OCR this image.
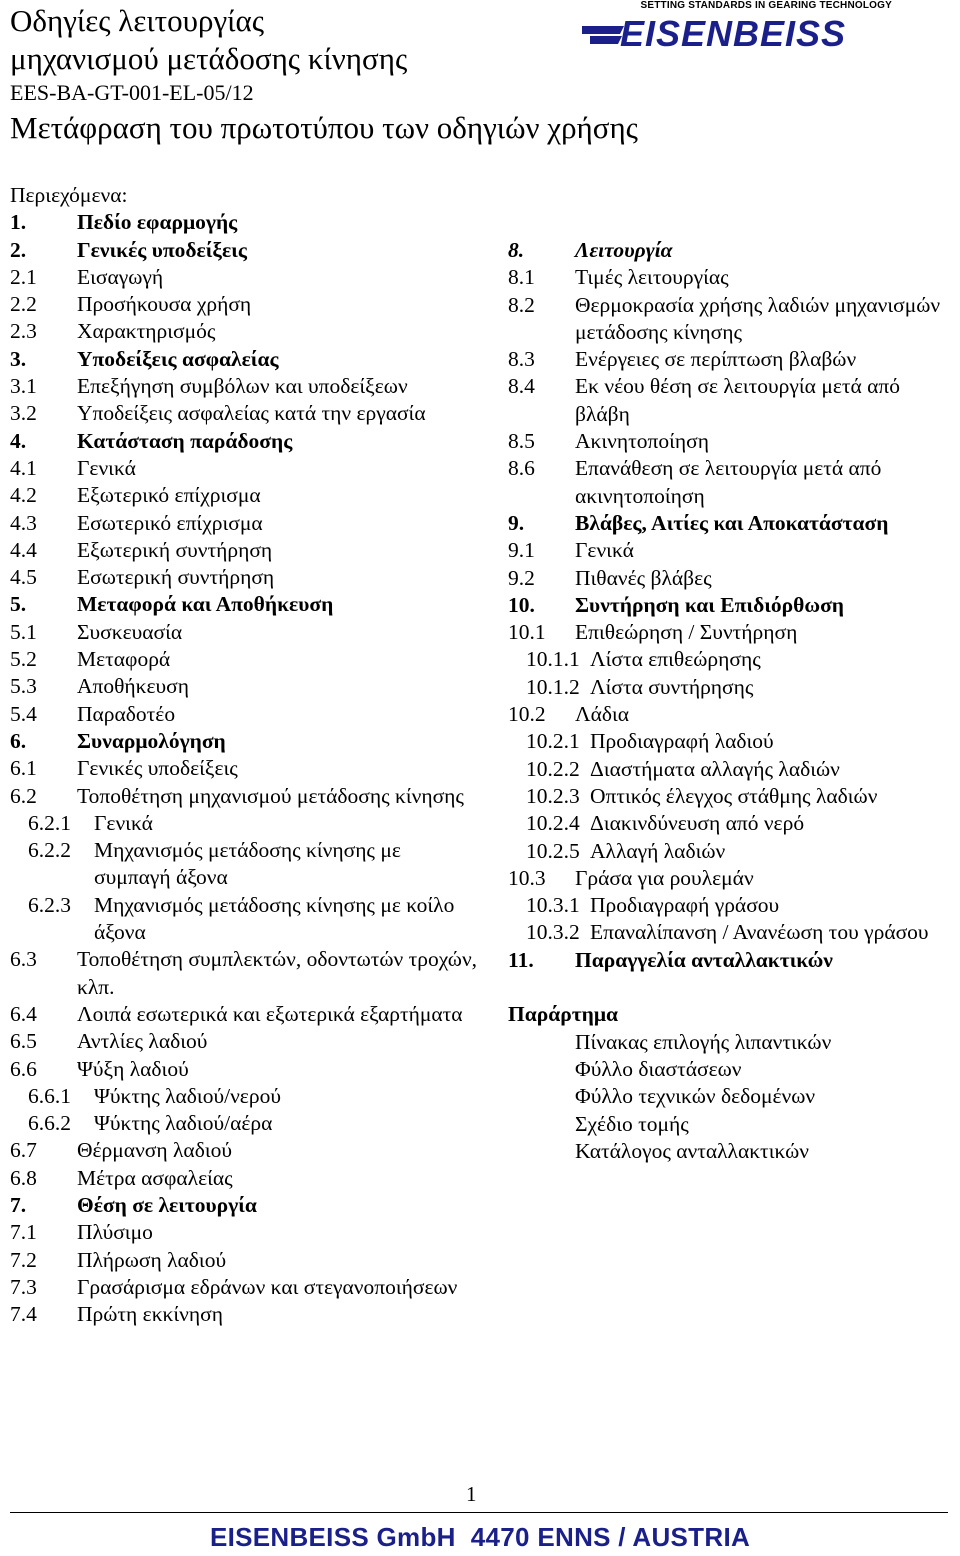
Οδηγίες λειτουργίας
μηχανισμού μετάδοσης κίνησης
EES-BA-GT-001-EL-05/12
Μετάφραση του πρωτοτύπου των οδηγιών χρήσης
SETTING STANDARDS IN GEARING TECHNOLOGY
EISENBEISS
Περιεχόμενα:
1.	Πεδίο εφαρμογής
2.	Γενικές υποδείξεις
2.1	Εισαγωγή
2.2	Προσήκουσα χρήση
2.3	Χαρακτηρισμός
3.	Υποδείξεις ασφαλείας
3.1	Επεξήγηση συμβόλων και υποδείξεων
3.2	Υποδείξεις ασφαλείας κατά την εργασία
4.	Κατάσταση παράδοσης
4.1	Γενικά
4.2	Εξωτερικό επίχρισμα
4.3	Εσωτερικό επίχρισμα
4.4	Εξωτερική συντήρηση
4.5	Εσωτερική συντήρηση
5.	Μεταφορά και Αποθήκευση
5.1	Συσκευασία
5.2	Μεταφορά
5.3	Αποθήκευση
5.4	Παραδοτέο
6.	Συναρμολόγηση
6.1	Γενικές υποδείξεις
6.2	Τοποθέτηση μηχανισμού μετάδοσης κίνησης
6.2.1	Γενικά
6.2.2	Μηχανισμός μετάδοσης κίνησης με συμπαγή άξονα
6.2.3	Μηχανισμός μετάδοσης κίνησης με κοίλο άξονα
6.3	Τοποθέτηση συμπλεκτών, οδοντωτών τροχών, κλπ.
6.4	Λοιπά εσωτερικά και εξωτερικά εξαρτήματα
6.5	Αντλίες λαδιού
6.6	Ψύξη λαδιού
6.6.1	Ψύκτης λαδιού/νερού
6.6.2	Ψύκτης λαδιού/αέρα
6.7	Θέρμανση λαδιού
6.8	Μέτρα ασφαλείας
7.	Θέση σε λειτουργία
7.1	Πλύσιμο
7.2	Πλήρωση λαδιού
7.3	Γρασάρισμα εδράνων και στεγανοποιήσεων
7.4	Πρώτη εκκίνηση
8.	Λειτουργία
8.1	Τιμές λειτουργίας
8.2	Θερμοκρασία χρήσης λαδιών μηχανισμών μετάδοσης κίνησης
8.3	Ενέργειες σε περίπτωση βλαβών
8.4	Εκ νέου θέση σε λειτουργία μετά από βλάβη
8.5	Ακινητοποίηση
8.6	Επανάθεση σε λειτουργία μετά από ακινητοποίηση
9.	Βλάβες, Αιτίες και Αποκατάσταση
9.1	Γενικά
9.2	Πιθανές βλάβες
10.	Συντήρηση και Επιδιόρθωση
10.1	Επιθεώρηση / Συντήρηση
10.1.1 Λίστα επιθεώρησης
10.1.2 Λίστα συντήρησης
10.2	Λάδια
10.2.1 Προδιαγραφή λαδιού
10.2.2 Διαστήματα αλλαγής λαδιών
10.2.3 Οπτικός έλεγχος στάθμης λαδιών
10.2.4 Διακινδύνευση από νερό
10.2.5 Αλλαγή λαδιών
10.3	Γράσα για ρουλεμάν
10.3.1 Προδιαγραφή γράσου
10.3.2 Επαναλίπανση / Ανανέωση του γράσου
11.	Παραγγελία ανταλλακτικών
Παράρτημα
Πίνακας επιλογής λιπαντικών
Φύλλο διαστάσεων
Φύλλο τεχνικών δεδομένων
Σχέδιο τομής
Κατάλογος ανταλλακτικών
1
EISENBEISS GmbH 4470 ENNS / AUSTRIA
